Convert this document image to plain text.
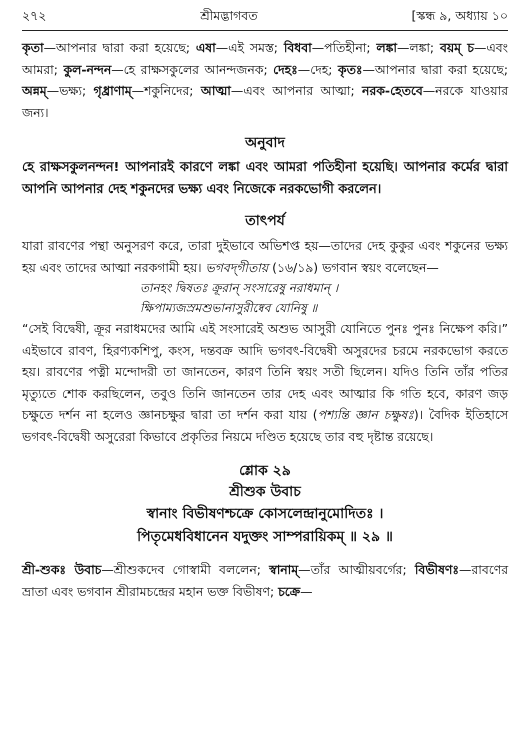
২৭২	শ্রীমদ্ভাগবত	[স্কন্ধ ৯, অধ্যায় ১০
কৃতা—আপনার দ্বারা করা হয়েছে; এষা—এই সমস্ত; বিধবা—পতিহীনা; লঙ্কা—লঙ্কা; বয়ম্ চ—এবং আমরা; কুল-নন্দন—হে রাক্ষসকুলের আনন্দজনক; দেহঃ—দেহ; কৃতঃ—আপনার দ্বারা করা হয়েছে; অন্নম্—ভক্ষ্য; গৃধ্রাণাম্—শকুনিদের; আত্মা—এবং আপনার আত্মা; নরক-হেতবে—নরকে যাওয়ার জন্য।
অনুবাদ
হে রাক্ষসকুলনন্দন! আপনারই কারণে লঙ্কা এবং আমরা পতিহীনা হয়েছি। আপনার কর্মের দ্বারা আপনি আপনার দেহ শকুনদের ভক্ষ্য এবং নিজেকে নরকভোগী করলেন।
তাৎপর্য
যারা রাবণের পন্থা অনুসরণ করে, তারা দুইভাবে অভিশপ্ত হয়—তাদের দেহ কুকুর এবং শকুনের ভক্ষ্য হয় এবং তাদের আত্মা নরকগামী হয়। ভগবদ্‌গীতায় (১৬/১৯) ভগবান স্বয়ং বলেছেন—
তানহং দ্বিষতঃ ক্রূরান্ সংসারেষু নরাধমান্ ।
ক্ষিপাম্যজস্রমশুভানাসুরীষ্বেব যোনিষু ॥
“সেই বিদ্বেষী, ক্রূর নরাধমদের আমি এই সংসারেই অশুভ আসুরী যোনিতে পুনঃ পুনঃ নিক্ষেপ করি।” এইভাবে রাবণ, হিরণ্যকশিপু, কংস, দন্তবক্র আদি ভগবৎ-বিদ্বেষী অসুরদের চরমে নরকভোগ করতে হয়। রাবণের পত্নী মন্দোদরী তা জানতেন, কারণ তিনি স্বয়ং সতী ছিলেন। যদিও তিনি তাঁর পতির মৃত্যুতে শোক করছিলেন, তবুও তিনি জানতেন তার দেহ এবং আত্মার কি গতি হবে, কারণ জড় চক্ষুতে দর্শন না হলেও জ্ঞানচক্ষুর দ্বারা তা দর্শন করা যায় (পশ্যন্তি জ্ঞান চক্ষুষঃ)। বৈদিক ইতিহাসে ভগবৎ-বিদ্বেষী অসুরেরা কিভাবে প্রকৃতির নিয়মে দণ্ডিত হয়েছে তার বহু দৃষ্টান্ত রয়েছে।
শ্লোক ২৯
শ্রীশুক উবাচ
স্বানাং বিভীষণশ্চক্রে কোসলেন্দ্রানুমোদিতঃ ।
পিতৃমেধবিধানেন যদুক্তং সাম্পরায়িকম্ ॥ ২৯ ॥
শ্রী-শুকঃ উবাচ—শ্রীশুকদেব গোস্বামী বললেন; স্বানাম্—তাঁর আত্মীয়বর্গের; বিভীষণঃ—রাবণের ভ্রাতা এবং ভগবান শ্রীরামচন্দ্রের মহান ভক্ত বিভীষণ; চক্রে—
